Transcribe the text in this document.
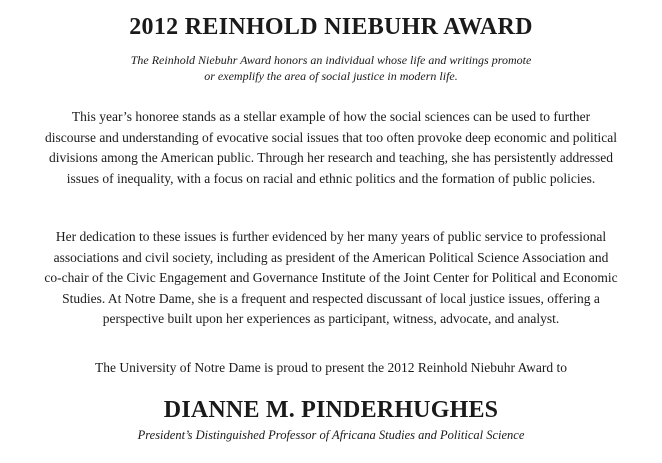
2012 REINHOLD NIEBUHR AWARD
The Reinhold Niebuhr Award honors an individual whose life and writings promote
or exemplify the area of social justice in modern life.
This year’s honoree stands as a stellar example of how the social sciences can be used to further
discourse and understanding of evocative social issues that too often provoke deep economic and political
divisions among the American public. Through her research and teaching, she has persistently addressed
issues of inequality, with a focus on racial and ethnic politics and the formation of public policies.
Her dedication to these issues is further evidenced by her many years of public service to professional
associations and civil society, including as president of the American Political Science Association and
co-chair of the Civic Engagement and Governance Institute of the Joint Center for Political and Economic
Studies. At Notre Dame, she is a frequent and respected discussant of local justice issues, offering a
perspective built upon her experiences as participant, witness, advocate, and analyst.
The University of Notre Dame is proud to present the 2012 Reinhold Niebuhr Award to
DIANNE M. PINDERHUGHES
President’s Distinguished Professor of Africana Studies and Political Science
